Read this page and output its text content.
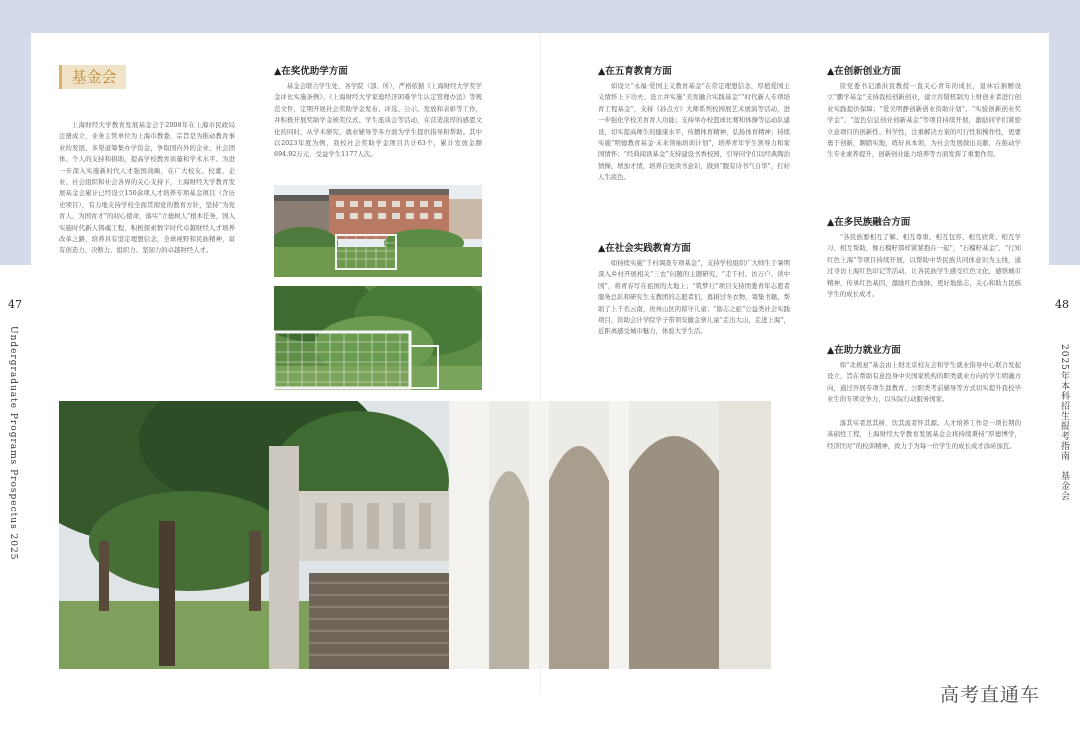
47
Undergraduate Programs Prospectus 2025
基金会

上海财经大学教育发展基金会于2008年在上海市民政局注册成立，业务主管单位为上海市教委，宗旨是为推动教育事业的发展、多渠道筹集办学资金，争取国内外的企业、社会团体、个人的支持和捐助，提高学校教育质量和学术水平。为进一步深入实施新时代人才强国战略，在广大校友、校董、企业、社会组织和社会各界的关心支持下，上海财经大学教育发展基金会累计已经设立150余项人才培养专项基金项目（含历史项目），有力地支持学校全面贯彻党的教育方针，坚持“为党育人、为国育才”的初心使命，落实“立德树人”根本任务，国入实施时代新人铸魂工程，积极探索数字时代卓越财经人才培养改革之路，培养具有坚定理想信念，全球视野和民族精神，富有创造力、决断力、组织力、坚韧力的卓越财经人才。

▲在奖优助学方面

基金会联合学生处、各学院（部、所），严格依据《上海财经大学奖学金评比实施条例》、《上海财经大学家庭经济困难学生认定管理办法》等规范文件，定期开展社会奖助学金发布、评选、公示、发放和表彰等工作，并积极开展奖助学金颁奖仪式、学生座谈会等活动，在营造浓厚的感恩文化的同时，从学术研究、就业辅导等多方面为学生提供指导和帮助。其中以2023年度为例，我校社会奖助学金项目共计63个，累计发放金额694.92万元，受益学生1177人次。

48
2025年本科招生报考指南　基金会
▲在五育教育方面

如设立“永福·爱国主义教育基金”在常定理想信念，厚植爱国主义情怀上下功夫；设立并实施“美育融合实践基金”“时代新人专项培育工程基金”，支持《孙点方》大师系列校园展艺术展演等活动，进一步强化学校美育育人功能；支持举办校篮球比赛和体操等运动队建设，切实提高师生的健康水平，传播体育精神，弘扬体育精神；持续实施“明德教育基金·未来领袖培训计划”，培养青年学生领导力和家国情怀；“经典阅读基金”支持建设书香校园，引导同学们以经典陶治情操、增加才情，培养自觉读书意识，做到“腹有诗书气自华”，打好人生底色。

▲在社会实践教育方面

如持续实施“千村调查专项基金”，支持学校组织广大师生于暑期深入乡村开展相关“三农”问题的主题研究，“走千村、访万户、读中国”，将青春写在祖国的大地上；“筑梦行”项目支持团委青年志愿者服务总队和研究生支教团的志愿者们，募捐过冬衣物、筹集书籍，帮助了上千名云南、贵州山区的留守儿童；“励志之旅”公益类社会实践项目，资助会计学院学子带领安徽金寨儿童“走出大山，走进上海”，近距离感受城市魅力，体验大学生活。

▲在创新创业方面

原党委书记潘洪萱教授一直关心青年的成长，退休后捐赠设立“鹏学基金”支持我校创新创业，建立容错机制为上财创业者进行创业实践提供保障；“爱美明静创新创业资助计划”、“实验创新创业奖学金”、“蓝色信息创业创新基金”等项目持续开展，激励同学们紧密立意项目的创新性、科学性，注重解决方案的可行性和操作性，更要勇于创新，聊踏实地，练好真本领，为社会发展做出贡献，在推动学生专业素养提升，创新创业能力培养等方面发挥了重要作用。

▲在多民族融合方面

“各民族要相互了解、相互尊重、相互包容、相互欣赏、相互学习、相互帮助，像石榴籽那样紧紧抱在一起”，“石榴籽基金”、“行知红色上海”等项目持续开展，以帮助中华民族共同体意识为主线，通过寻访上海红色印记等活动，让各民族学生感受红色文化，感悟城市精神，传承红色基因，激励红色血脉，更好地励志，关心和助力民族学生的成长成才。

▲在助力就业方面

如“北极星”基金由上财北京校友会和学生就业指导中心联合发起设立，旨在帮助有意投身中央国家机构的职类就业方向的学生明确方向，通过开展专项生涯教育、公职类考前辅导等方式切实提升我校毕业生的专项竞争力，以实际行动服务国家。

落其实者思其树，饮其流者怀其源。人才培养工作是一项长期的基础性工程，上海财经大学教育发展基金会将持续秉持“厚德博学，经济匡时”的校训精神，致力于为每一位学生的成长成才添砖加瓦。

高考直通车
